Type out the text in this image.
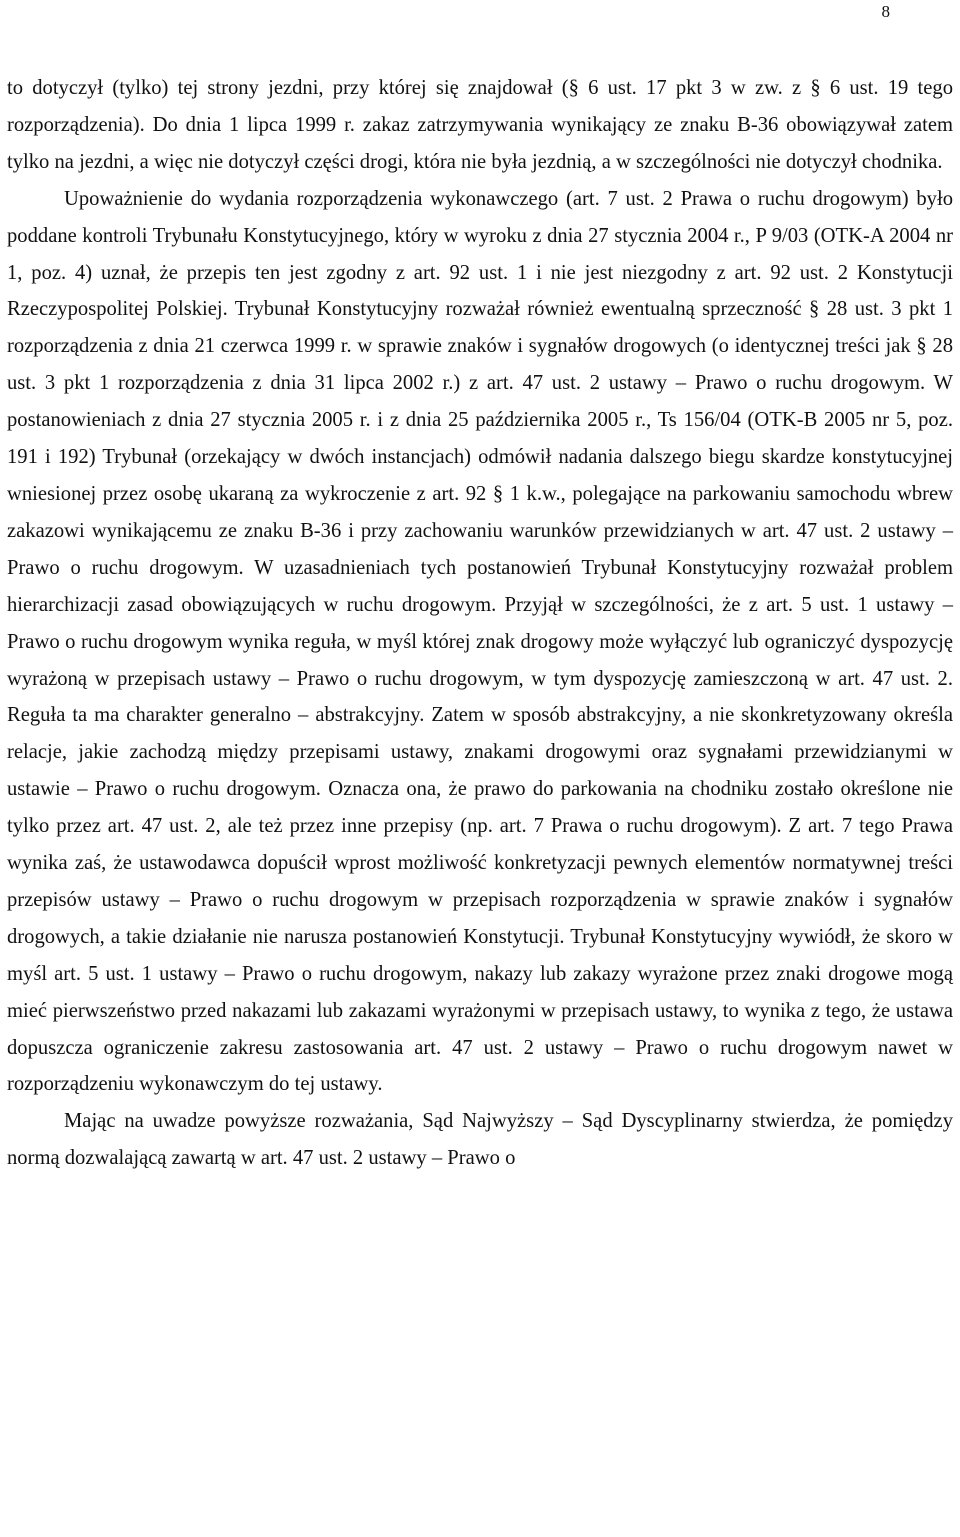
8

to dotyczył (tylko) tej strony jezdni, przy której się znajdował (§ 6 ust. 17 pkt 3 w zw. z § 6 ust. 19 tego rozporządzenia). Do dnia 1 lipca 1999 r. zakaz zatrzymywania wynikający ze znaku B-36 obowiązywał zatem tylko na jezdni, a więc nie dotyczył części drogi, która nie była jezdnią, a w szczególności nie dotyczył chodnika.

Upoważnienie do wydania rozporządzenia wykonawczego (art. 7 ust. 2 Prawa o ruchu drogowym) było poddane kontroli Trybunału Konstytucyjnego, który w wyroku z dnia 27 stycznia 2004 r., P 9/03 (OTK-A 2004 nr 1, poz. 4) uznał, że przepis ten jest zgodny z art. 92 ust. 1 i nie jest niezgodny z art. 92 ust. 2 Konstytucji Rzeczypospolitej Polskiej. Trybunał Konstytucyjny rozważał również ewentualną sprzeczność § 28 ust. 3 pkt 1 rozporządzenia z dnia 21 czerwca 1999 r. w sprawie znaków i sygnałów drogowych (o identycznej treści jak § 28 ust. 3 pkt 1 rozporządzenia z dnia 31 lipca 2002 r.) z art. 47 ust. 2 ustawy – Prawo o ruchu drogowym. W postanowieniach z dnia 27 stycznia 2005 r. i z dnia 25 października 2005 r., Ts 156/04 (OTK-B 2005 nr 5, poz. 191 i 192) Trybunał (orzekający w dwóch instancjach) odmówił nadania dalszego biegu skardze konstytucyjnej wniesionej przez osobę ukaraną za wykroczenie z art. 92 § 1 k.w., polegające na parkowaniu samochodu wbrew zakazowi wynikającemu ze znaku B-36 i przy zachowaniu warunków przewidzianych w art. 47 ust. 2 ustawy – Prawo o ruchu drogowym. W uzasadnieniach tych postanowień Trybunał Konstytucyjny rozważał problem hierarchizacji zasad obowiązujących w ruchu drogowym. Przyjął w szczególności, że z art. 5 ust. 1 ustawy – Prawo o ruchu drogowym wynika reguła, w myśl której znak drogowy może wyłączyć lub ograniczyć dyspozycję wyrażoną w przepisach ustawy – Prawo o ruchu drogowym, w tym dyspozycję zamieszczoną w art. 47 ust. 2. Reguła ta ma charakter generalno – abstrakcyjny. Zatem w sposób abstrakcyjny, a nie skonkretyzowany określa relacje, jakie zachodzą między przepisami ustawy, znakami drogowymi oraz sygnałami przewidzianymi w ustawie – Prawo o ruchu drogowym. Oznacza ona, że prawo do parkowania na chodniku zostało określone nie tylko przez art. 47 ust. 2, ale też przez inne przepisy (np. art. 7 Prawa o ruchu drogowym). Z art. 7 tego Prawa wynika zaś, że ustawodawca dopuścił wprost możliwość konkretyzacji pewnych elementów normatywnej treści przepisów ustawy – Prawo o ruchu drogowym w przepisach rozporządzenia w sprawie znaków i sygnałów drogowych, a takie działanie nie narusza postanowień Konstytucji. Trybunał Konstytucyjny wywiódł, że skoro w myśl art. 5 ust. 1 ustawy – Prawo o ruchu drogowym, nakazy lub zakazy wyrażone przez znaki drogowe mogą mieć pierwszeństwo przed nakazami lub zakazami wyrażonymi w przepisach ustawy, to wynika z tego, że ustawa dopuszcza ograniczenie zakresu zastosowania art. 47 ust. 2 ustawy – Prawo o ruchu drogowym nawet w rozporządzeniu wykonawczym do tej ustawy.

Mając na uwadze powyższe rozważania, Sąd Najwyższy – Sąd Dyscyplinarny stwierdza, że pomiędzy normą dozwalającą zawartą w art. 47 ust. 2 ustawy – Prawo o
